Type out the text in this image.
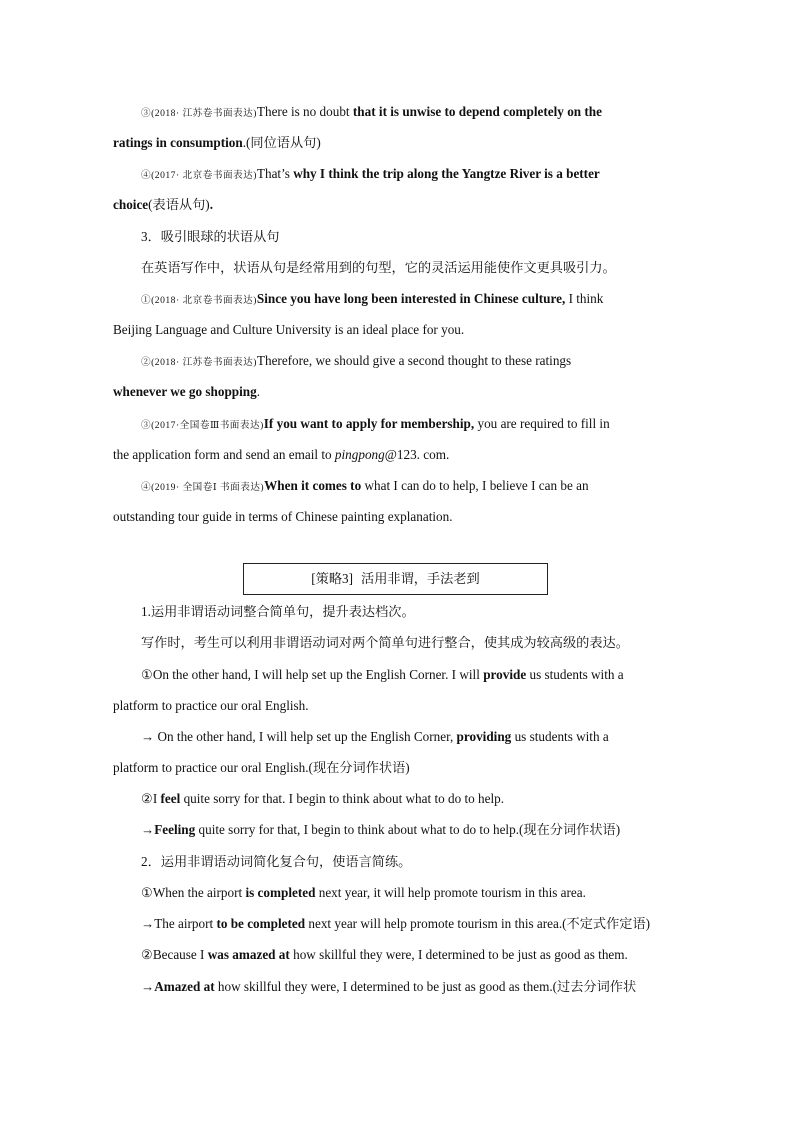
③(2018· 江苏卷书面表达)There is no doubt that it is unwise to depend completely on the
ratings in consumption.(同位语从句)
④(2017· 北京卷书面表达)That’s why I think the trip along the Yangtze River is a better
choice(表语从句).
3．吸引眼球的状语从句
在英语写作中，状语从句是经常用到的句型，它的灵活运用能使作文更具吸引力。
①(2018· 北京卷书面表达)Since you have long been interested in Chinese culture, I think
Beijing Language and Culture University is an ideal place for you.
②(2018· 江苏卷书面表达)Therefore, we should give a second thought to these ratings
whenever we go shopping.
③(2017·全国卷Ⅲ书面表达)If you want to apply for membership, you are required to fill in
the application form and send an email to pingpong@123. com.
④(2019· 全国卷Ⅰ 书面表达)When it comes to what I can do to help, I believe I can be an
outstanding tour guide in terms of Chinese painting explanation.
[策略3] 活用非谓，手法老到
1.运用非谓语动词整合简单句，提升表达档次。
写作时，考生可以利用非谓语动词对两个简单句进行整合，使其成为较高级的表达。
①On the other hand, I will help set up the English Corner. I will provide us students with a
platform to practice our oral English.
→ On the other hand, I will help set up the English Corner, providing us students with a
platform to practice our oral English.(现在分词作状语)
②I feel quite sorry for that. I begin to think about what to do to help.
→Feeling quite sorry for that, I begin to think about what to do to help.(现在分词作状语)
2．运用非谓语动词简化复合句，使语言简练。
①When the airport is completed next year, it will help promote tourism in this area.
→The airport to be completed next year will help promote tourism in this area.(不定式作定语)
②Because I was amazed at how skillful they were, I determined to be just as good as them.
→Amazed at how skillful they were, I determined to be just as good as them.(过去分词作状
